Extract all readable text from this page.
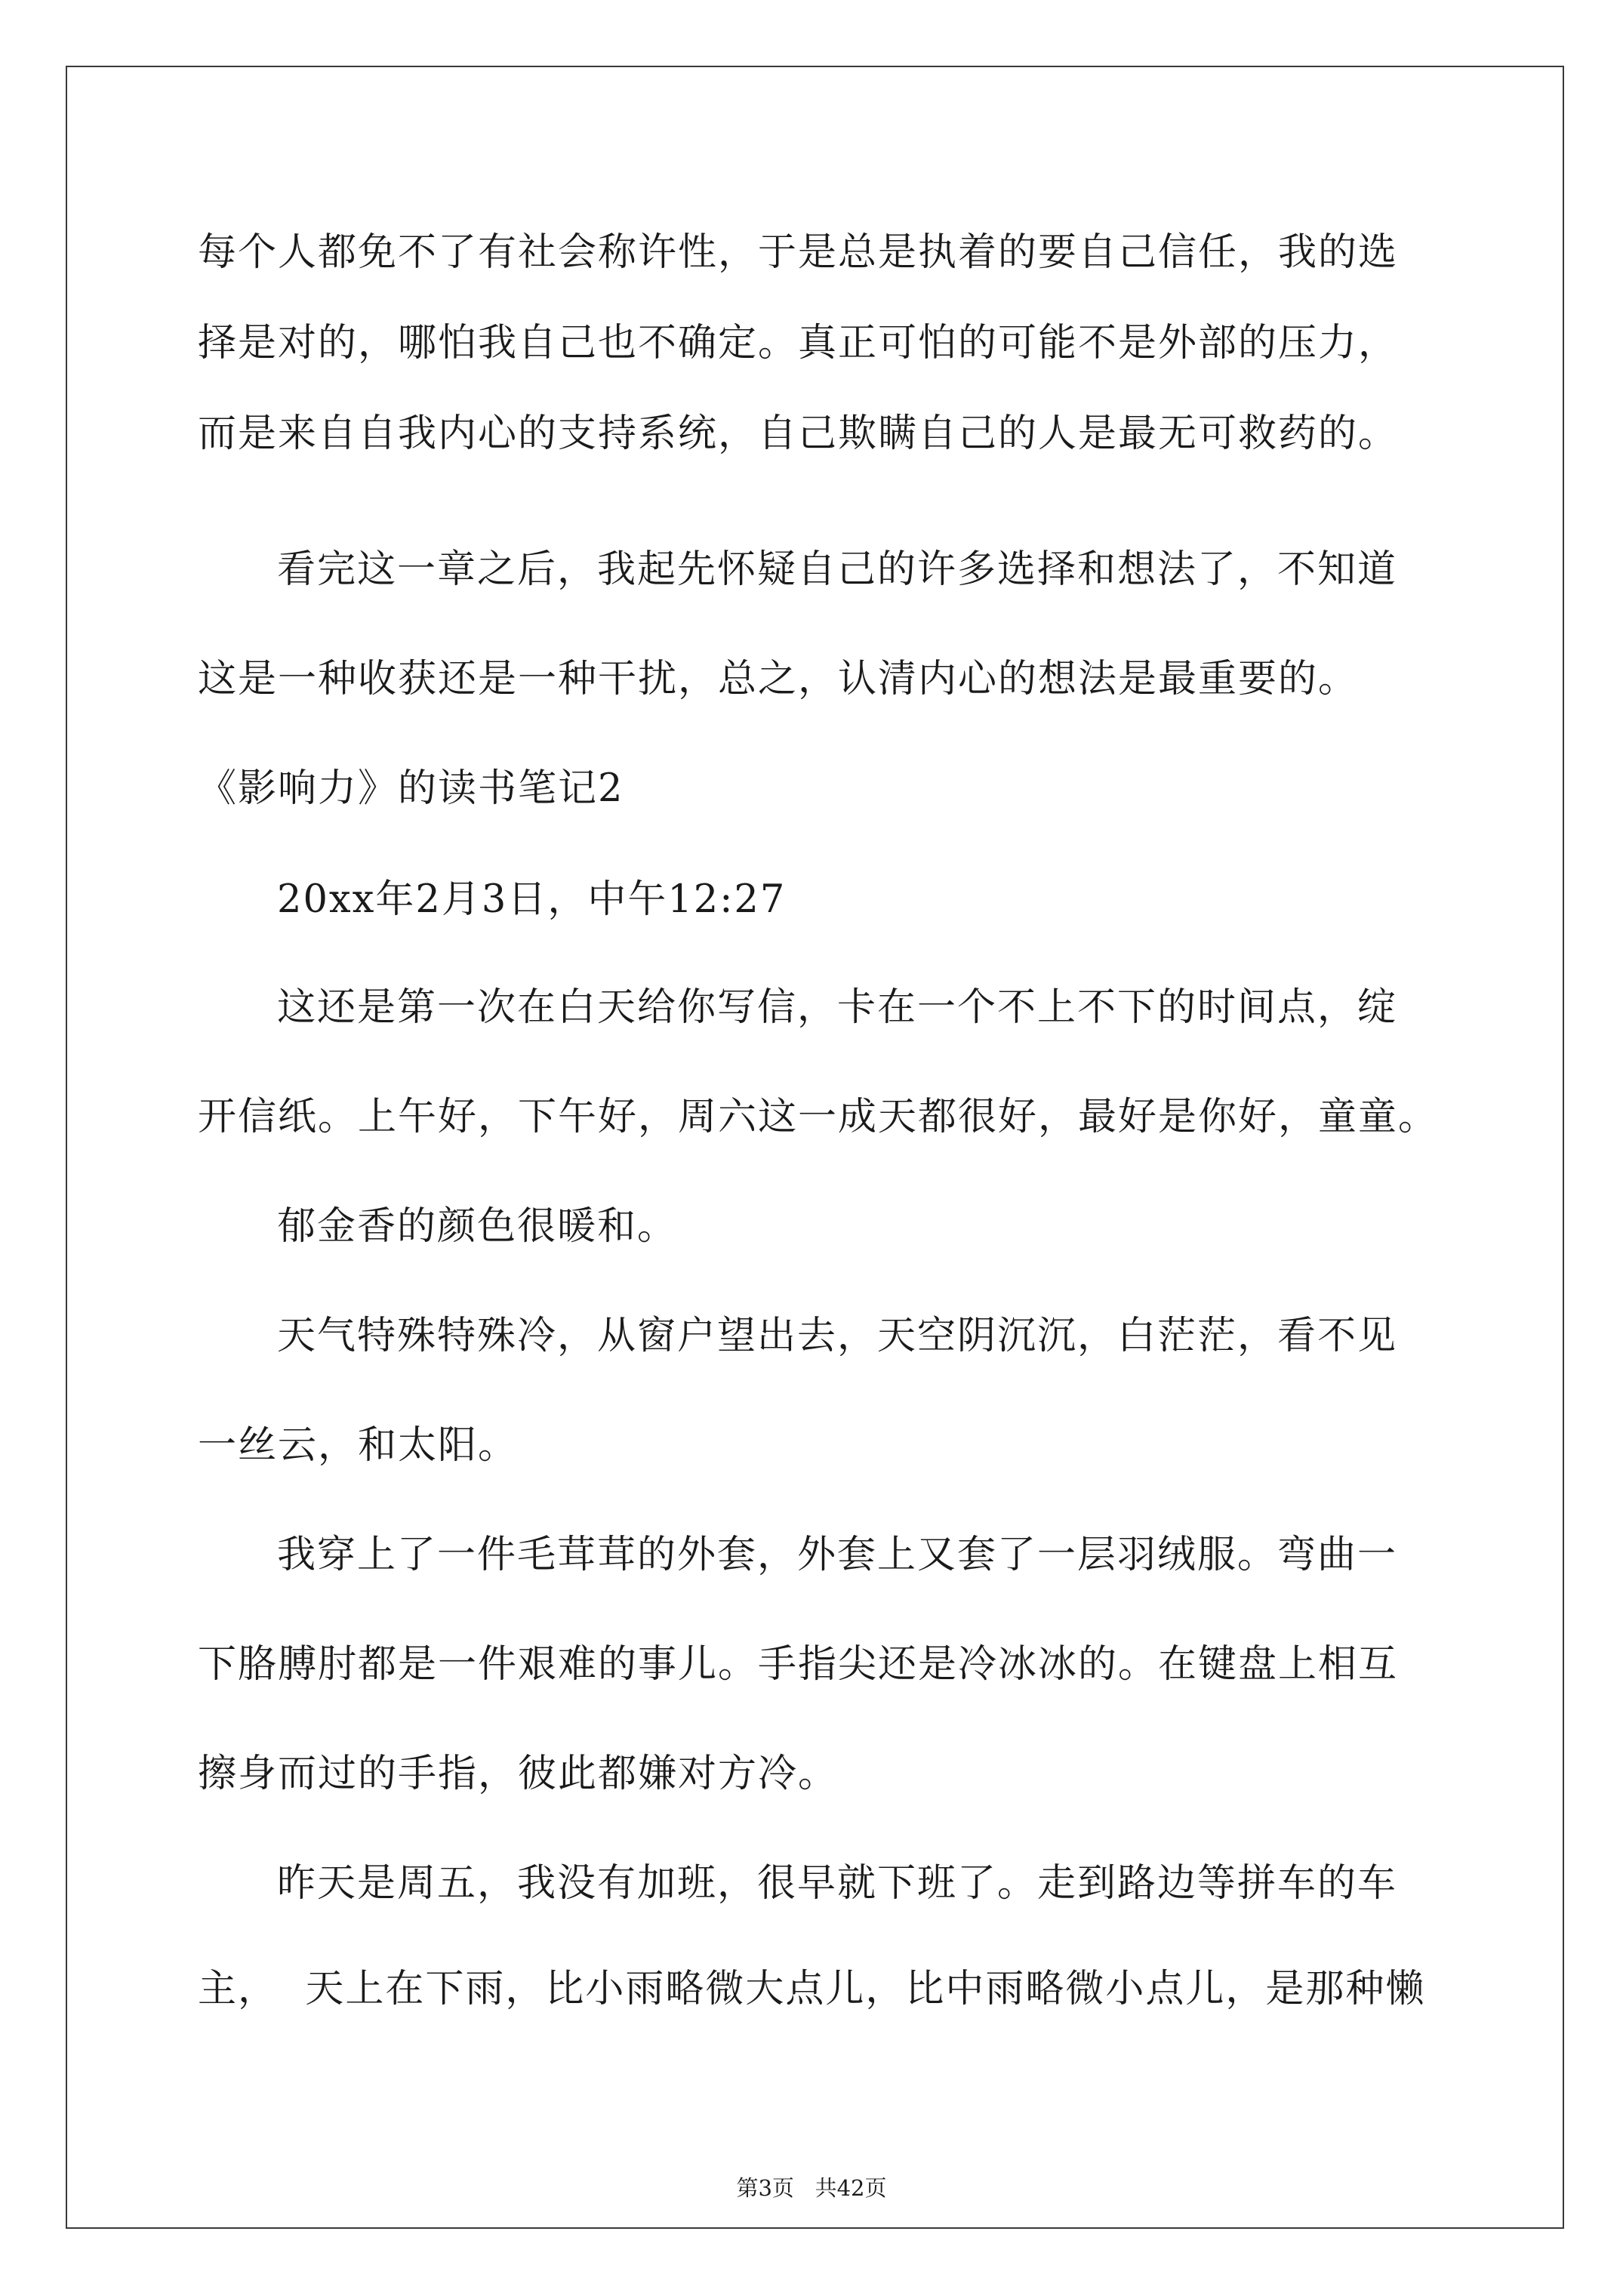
每个人都免不了有社会称许性，于是总是执着的要自己信任，我的选
择是对的，哪怕我自己也不确定。真正可怕的可能不是外部的压力，
而是来自自我内心的支持系统，自己欺瞒自己的人是最无可救药的。
看完这一章之后，我起先怀疑自己的许多选择和想法了，不知道
这是一种收获还是一种干扰，总之，认清内心的想法是最重要的。
《影响力》的读书笔记2
20xx年2月3日，中午12:27
这还是第一次在白天给你写信，卡在一个不上不下的时间点，绽
开信纸。上午好，下午好，周六这一成天都很好，最好是你好，童童。
郁金香的颜色很暖和。
天气特殊特殊冷，从窗户望出去，天空阴沉沉，白茫茫，看不见
一丝云，和太阳。
我穿上了一件毛茸茸的外套，外套上又套了一层羽绒服。弯曲一
下胳膊肘都是一件艰难的事儿。手指尖还是冷冰冰的。在键盘上相互
擦身而过的手指，彼此都嫌对方冷。
昨天是周五，我没有加班，很早就下班了。走到路边等拼车的车
主，  天上在下雨，比小雨略微大点儿，比中雨略微小点儿，是那种懒
第3页   共42页
